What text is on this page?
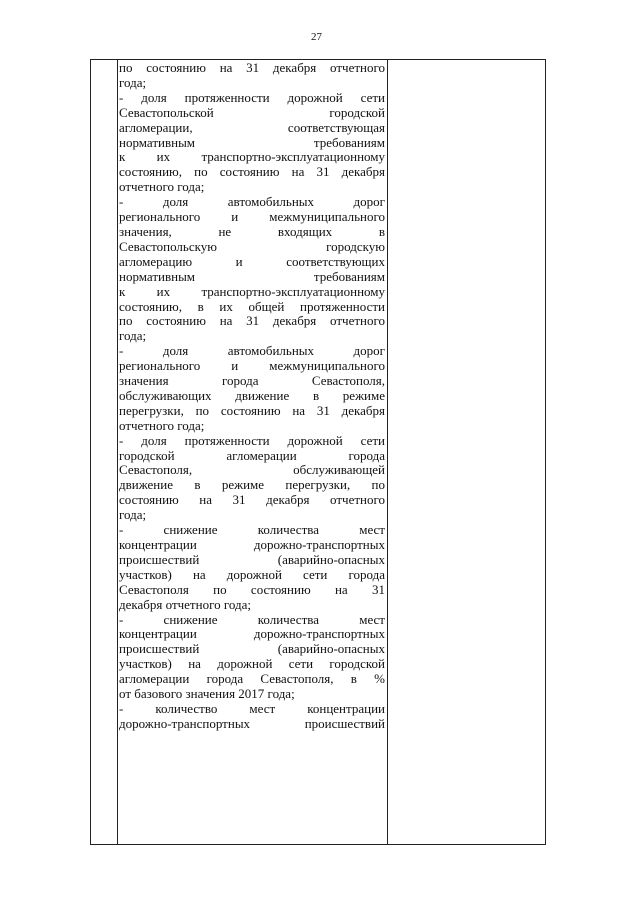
27
по состоянию на 31 декабря отчетного
года;
- доля протяженности дорожной сети
Севастопольской городской
агломерации, соответствующая
нормативным требованиям
к их транспортно-эксплуатационному
состоянию, по состоянию на 31 декабря
отчетного года;
- доля автомобильных дорог
регионального и межмуниципального
значения, не входящих в
Севастопольскую городскую
агломерацию и соответствующих
нормативным требованиям
к их транспортно-эксплуатационному
состоянию, в их общей протяженности
по состоянию на 31 декабря отчетного
года;
- доля автомобильных дорог
регионального и межмуниципального
значения города Севастополя,
обслуживающих движение в режиме
перегрузки, по состоянию на 31 декабря
отчетного года;
- доля протяженности дорожной сети
городской агломерации города
Севастополя, обслуживающей
движение в режиме перегрузки, по
состоянию на 31 декабря отчетного
года;
- снижение количества мест
концентрации дорожно-транспортных
происшествий (аварийно-опасных
участков) на дорожной сети города
Севастополя по состоянию на 31
декабря отчетного года;
- снижение количества мест
концентрации дорожно-транспортных
происшествий (аварийно-опасных
участков) на дорожной сети городской
агломерации города Севастополя, в %
от базового значения 2017 года;
- количество мест концентрации
дорожно-транспортных происшествий
